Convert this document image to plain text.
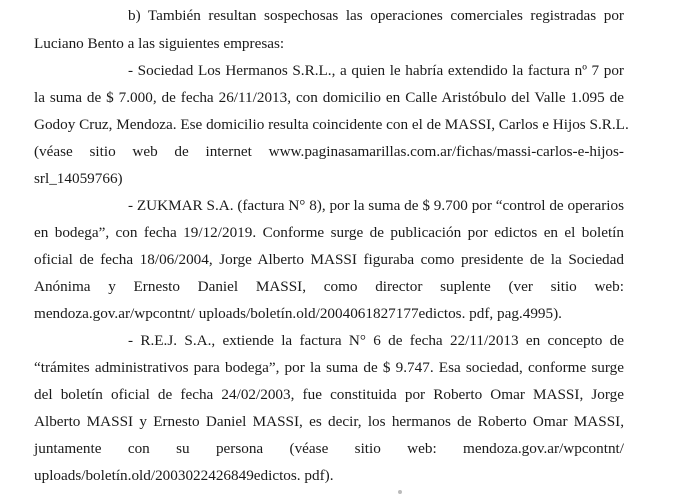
b) También resultan sospechosas las operaciones comerciales registradas por
Luciano Bento a las siguientes empresas:
- Sociedad Los Hermanos S.R.L., a quien le habría extendido la factura nº 7 por
la suma de $ 7.000, de fecha 26/11/2013, con domicilio en Calle Aristóbulo del Valle 1.095 de
Godoy Cruz, Mendoza. Ese domicilio resulta coincidente con el de MASSI, Carlos e Hijos S.R.L.
(véase sitio web de internet www.paginasamarillas.com.ar/fichas/massi-carlos-e-hijos-
srl_14059766)
- ZUKMAR S.A. (factura N° 8), por la suma de $ 9.700 por “control de operarios
en bodega”, con fecha 19/12/2019. Conforme surge de publicación por edictos en el boletín
oficial de fecha 18/06/2004, Jorge Alberto MASSI figuraba como presidente de la Sociedad
Anónima y Ernesto Daniel MASSI, como director suplente (ver sitio web:
mendoza.gov.ar/wpcontnt/ uploads/boletín.old/2004061827177edictos. pdf, pag.4995).
- R.E.J. S.A., extiende la factura N° 6 de fecha 22/11/2013 en concepto de
“trámites administrativos para bodega”, por la suma de $ 9.747. Esa sociedad, conforme surge
del boletín oficial de fecha 24/02/2003, fue constituida por Roberto Omar MASSI, Jorge
Alberto MASSI y Ernesto Daniel MASSI, es decir, los hermanos de Roberto Omar MASSI,
juntamente con su persona (véase sitio web: mendoza.gov.ar/wpcontnt/
uploads/boletín.old/2003022426849edictos. pdf).
